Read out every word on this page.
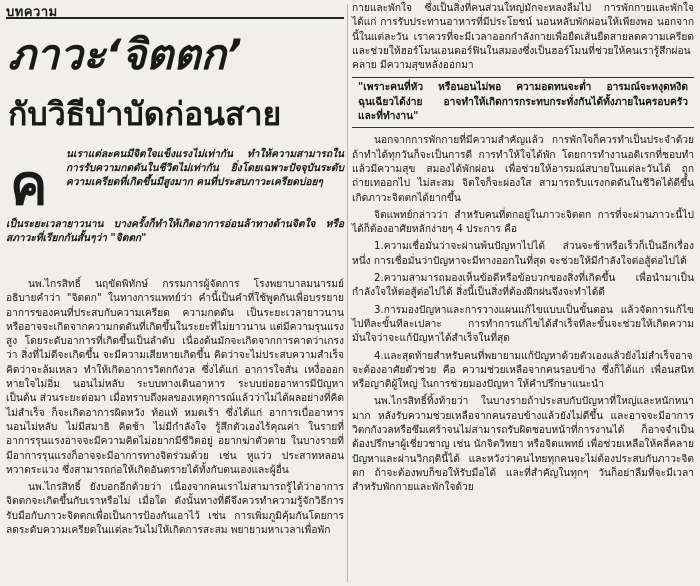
บทความ
ภาวะ‘จิตตก’
กับวิธีบำบัดก่อนสาย
ค นเราแต่ละคนมีจิตใจแข็งแรงไม่เท่ากัน ทำให้ความสามารถในการรับความกดดันในชีวิตไม่เท่ากัน ยิ่งโดยเฉพาะปัจจุบันระดับความเครียดที่เกิดขึ้นมีสูงมาก คนที่ประสบภาวะเครียดบ่อยๆ
เป็นระยะเวลายาวนาน บางครั้งก็ทำให้เกิดอาการอ่อนล้าทางด้านจิตใจ หรือสภาวะที่เรียกกันสั้นๆว่า "จิตตก"

นพ.ไกรสิทธิ์ นฤขัตพิทักษ์ กรรมการผู้จัดการ โรงพยาบาลมนารมย์ อธิบายคำว่า "จิตตก" ในทางการแพทย์ว่า คำนี้เป็นคำที่ใช้พูดกันเพื่อบรรยายอาการของคนที่ประสบกับความเครียด ความกดดัน เป็นระยะเวลายาวนาน หรืออาจจะเกิดจากความกดดันที่เกิดขึ้นในระยะที่ไม่ยาวนาน แต่มีความรุนแรงสูง โดยระดับอาการที่เกิดขึ้นเป็นลำดับ เนื่องด้นมักจะเกิดจากการคาดว่าเกรงว่า สิ่งที่ไม่ดีจะเกิดขึ้น จะมีความเสียหายเกิดขึ้น คิดว่าจะไม่ประสบความสำเร็จ คิดว่าจะล้มเหลว ทำให้เกิดอาการวิตกกังวล ซึ่งได้แก่ อาการใจสั่น เหงื่อออก หายใจไม่อิ่ม นอนไม่หลับ ระบบทางเดินอาหาร ระบบย่อยอาหารมีปัญหา เป็นต้น ส่วนระยะต่อมา เมื่อทราบถึงผลของเหตุการณ์แล้วว่าไม่ได้ผลอย่างที่คิด ไม่สำเร็จ ก็จะเกิดอาการผิดหวัง ท้อแท้ หมดเร้า ซึ่งได้แก่ อาการเบื่ออาหาร นอนไม่หลับ ไม่มีสมาธิ คิดช้า ไม่มีกำลังใจ รู้สึกตัวเองไร้คุณค่า ในรายที่อาการรุนแรงอาจจะมีความคิดไม่อยากมีชีวิตอยู่ อยากฆ่าตัวตาย ในบางรายที่มีอาการรุนแรงก็อาจจะมีอาการทางจิตร่วมด้วย เช่น หูแว่ว ประสาทหลอน หวาดระแวง ซึ่งสามารถก่อให้เกิดอันตรายได้ทั้งกับตนเองและผู้อื่น

นพ.ไกรสิทธิ์ ยังบอกอีกด้วยว่า เนื่องจากคนเราไม่สามารถรู้ได้ว่าอาการจิตตกจะเกิดขึ้นกับเราหรือไม่ เมื่อใด ดังนั้นทางที่ดีจึงควรทำความรู้จักวิธีการรับมือกับภาวะจิตตกเพื่อเป็นการป้องกันเอาไว้ เช่น การเพิ่มภูมิคุ้มกันโดยการลดระดับความเครียดในแต่ละวันไม่ให้เกิดการสะสม พยายามหาเวลาเพื่อพัก

กายและพักใจ ซึ่งเป็นสิ่งที่คนส่วนใหญ่มักจะหลงลืมไป การพักกายและพักใจ ได้แก่ การรับประทานอาหารที่มีประโยชน์ นอนหลับพักผ่อนให้เพียงพอ นอกจากนี้ในแต่ละวัน เราควรที่จะมีเวลาออกกำลังกายเพื่อยืดเส้นยืดสายลดความเครียด และช่วยให้ฮอร์โมนเอนดอร์ฟินในสมองซึ่งเป็นฮอร์โมนที่ช่วยให้คนเรารู้สึกผ่อนคลาย มีความสุขหลั่งออกมา

"เพราะคนที่หัว หรือนอนไม่พอ ความอดทนจะต่ำ อารมณ์จะหงุดหงิด ฉุนเฉียวได้ง่าย อาจทำให้เกิดการกระทบกระทั่งกันได้ทั้งภายในครอบครัวและที่ทำงาน"

นอกจากการพักกายที่มีความสำคัญแล้ว การพักใจก็ควรทำเป็นประจำด้วย ถ้าทำได้ทุกวันก็จะเป็นการดี การทำให้ใจได้พัก โดยการทำงานอดิเรกที่ชอบทำแล้วมีความสุข สมองได้พักผ่อน เพื่อช่วยให้อารมณ์สบายในแต่ละวันได้ ถูกถ่ายเทออกไป ไม่สะสม จิตใจก็จะผ่องใส สามารถรับแรงกดดันในชีวิตได้ดีขึ้น เกิดภาวะจิตตกได้ยากขึ้น

จิตแพทย์กล่าวว่า สำหรับคนที่ตกอยู่ในภาวะจิตตก การที่จะผ่านภาวะนี้ไปได้ก็ต้องอาศัยหลักง่ายๆ 4 ประการ คือ

1.ความเชื่อมั่นว่าจะผ่านพ้นปัญหาไปได้ ส่วนจะช้าหรือเร็วก็เป็นอีกเรื่องหนึ่ง การเชื่อมั่นว่าปัญหาจะมีทางออกในที่สุด จะช่วยให้มีกำลังใจต่อสู้ต่อไปได้

2.ความสามารถมองเห็นข้อดีหรือข้อบวกของสิ่งที่เกิดขึ้น เพื่อนำมาเป็นกำลังใจให้ต่อสู้ต่อไปได้ สิ่งนี้เป็นสิ่งที่ต้องฝึกฝนจึงจะทำได้ดี

3.การมองปัญหาและการวางแผนแก้ไขแบบเป็นขั้นตอน แล้วจัดการแก้ไขไปทีละขั้นทีละเปลาะ การทำการแก้ไขได้สำเร็จทีละขั้นจะช่วยให้เกิดความมั่นใจว่าจะแก้ปัญหาได้สำเร็จในที่สุด

4.และสุดท้ายสำหรับคนที่พยายามแก้ปัญหาด้วยตัวเองแล้วยังไม่สำเร็จอาจจะต้องอาศัยตัวช่วย คือ ความช่วยเหลือจากคนรอบข้าง ซึ่งก็ได้แก่ เพื่อนสนิท หรือญาติผู้ใหญ่ ในการช่วยมองปัญหา ให้คำปรึกษาแนะนำ

นพ.ไกรสิทธิ์ทิ้งท้ายว่า ในบางรายถ้าประสบกับปัญหาที่ใหญ่และหนักหนามาก หลังรับความช่วยเหลือจากคนรอบข้างแล้วยังไม่ดีขึ้น และอาจจะมีอาการวิตกกังวลหรือซึมเศร้าจนไม่สามารถรับผิดชอบหน้าที่การงานได้ ก็อาจจำเป็นต้องปรึกษาผู้เชี่ยวชาญ เช่น นักจิตวิทยา หรือจิตแพทย์ เพื่อช่วยเหลือให้คลี่คลายปัญหาและผ่านวิกฤตินี้ได้ และหวังว่าคนไทยทุกคนจะไม่ต้องประสบกับภาวะจิตตก ถ้าจะต้องพบก็ขอให้รับมือได้ และที่สำคัญในทุกๆ วันก็อย่าลืมที่จะมีเวลาสำหรับพักกายและพักใจด้วย
